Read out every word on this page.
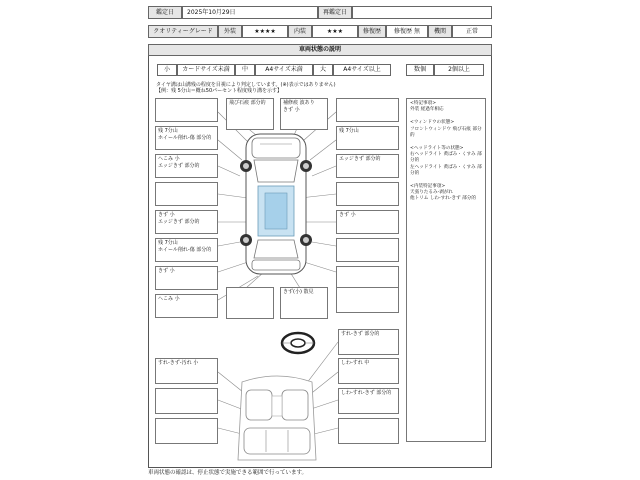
鑑定日	2025年10月29日	再鑑定日
クオリティーグレード	外装	★★★★	内装	★★★	修復歴	修復歴 無	機関	正常
車両状態の説明
小	カードサイズ未満	中	A4サイズ未満	大	A4サイズ以上	数個	2個以上
タイヤ溝は山溝残の程度を目視により判定しています。(※)表示ではありません)
【例：残 5分山＝概ね50パーセント程度残り溝を示す】
残 7分山
ホイール削れ-傷 部分的
へこみ 小
エッジきず 部分的
きず 小
エッジきず 部分的
残 7分山
ホイール削れ-傷 部分的
きず 小
へこみ 小
飛び石痕 部分的	補修痕 波あり
きず 小
残 7分山
エッジきず 部分的
きず 小
きず(小) 散見
すれ-きず-汚れ 小
すれ-きず 部分的
しわ-すれ 中
しわ-すれ-きず 部分的
<特記事項>
外装 経過年相応
<ウィンドウの状態>
フロントウィンドウ 飛び石痕 部分的
<ヘッドライト等の状態>
右ヘッドライト 黄ばみ・くすみ 部分的
左ヘッドライト 黄ばみ・くすみ 部分的
<内装特記事項>
天張りたるみ-剥がれ
他トリム しわ-すれ-きず 部分的
車両状態の確認は、停止状態で実施できる範囲で行っています。
